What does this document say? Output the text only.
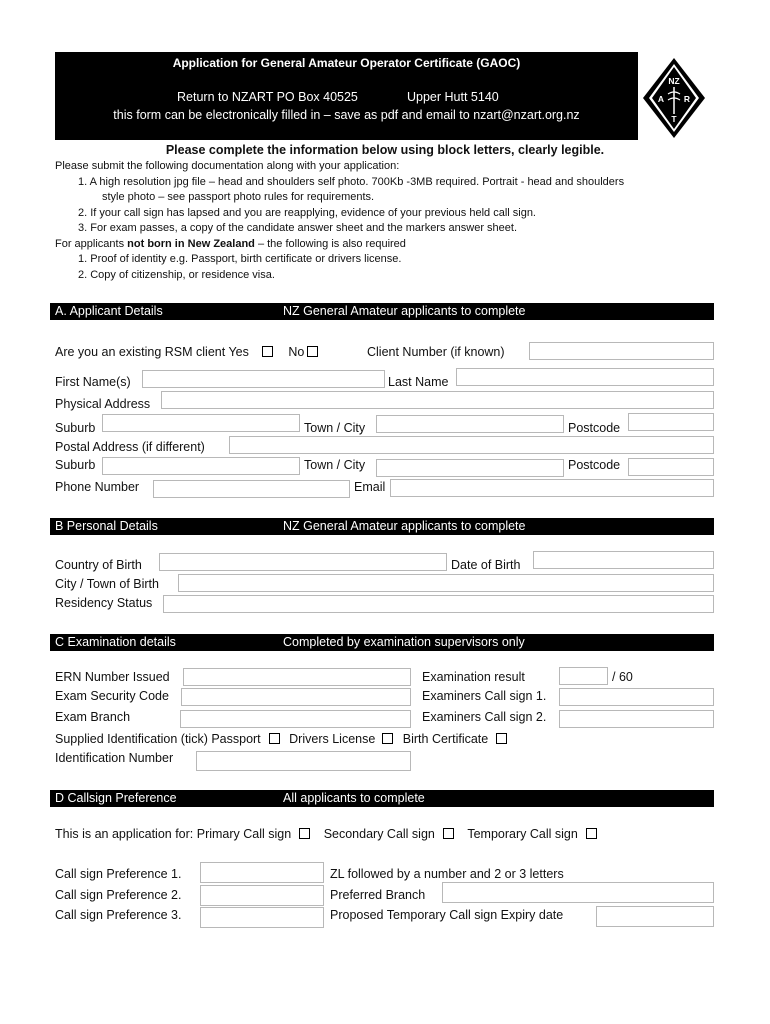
Application for General Amateur Operator Certificate (GAOC)
Return to NZART PO Box 40525	Upper Hutt 5140
this form can be electronically filled in – save as pdf and email to nzart@nzart.org.nz
NZ
A R
T
Please complete the information below using block letters, clearly legible.
Please submit the following documentation along with your application:
1. A high resolution jpg file – head and shoulders self photo. 700Kb -3MB required. Portrait - head and shoulders
style photo – see passport photo rules for requirements.
2. If your call sign has lapsed and you are reapplying, evidence of your previous held call sign.
3. For exam passes, a copy of the candidate answer sheet and the markers answer sheet.
For applicants not born in New Zealand – the following is also required
1. Proof of identity e.g. Passport, birth certificate or drivers license.
2. Copy of citizenship, or residence visa.
A. Applicant Details	NZ General Amateur applicants to complete
Are you an existing RSM client Yes	No	Client Number (if known)
First Name(s)	Last Name
Physical Address
Suburb	Town / City	Postcode
Postal Address (if different)
Suburb	Town / City	Postcode
Phone Number	Email
B Personal Details	NZ General Amateur applicants to complete
Country of Birth	Date of Birth
City / Town of Birth
Residency Status
C Examination details	Completed by examination supervisors only
ERN Number Issued	Examination result	/ 60
Exam Security Code	Examiners Call sign 1.
Exam Branch	Examiners Call sign 2.
Supplied Identification (tick) Passport Drivers License Birth Certificate
Identification Number
D Callsign Preference	All applicants to complete
This is an application for: Primary Call sign	Secondary Call sign	Temporary Call sign
Call sign Preference 1.	ZL followed by a number and 2 or 3 letters
Call sign Preference 2.	Preferred Branch
Call sign Preference 3.	Proposed Temporary Call sign Expiry date
